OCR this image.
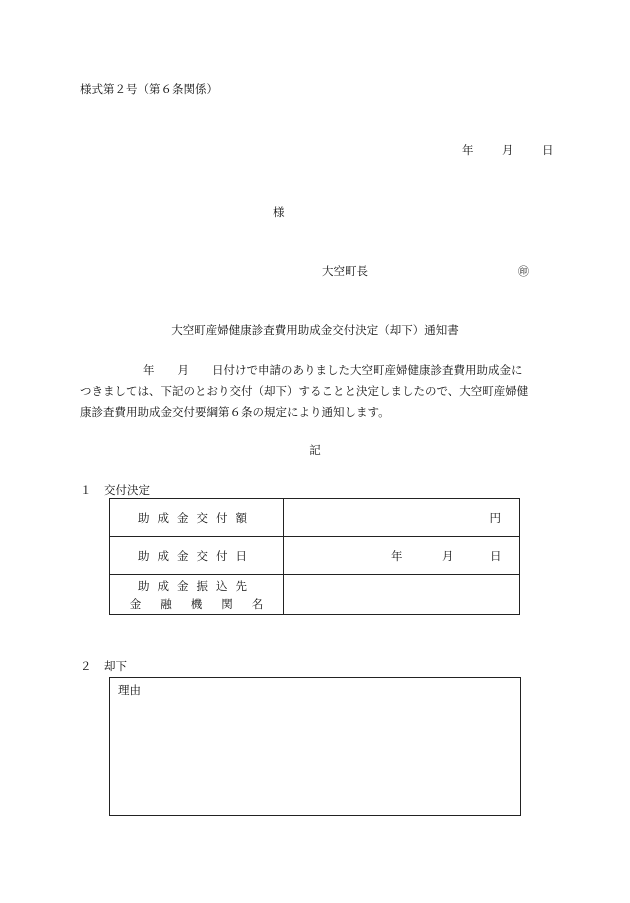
様式第２号（第６条関係）
年 月 日
様
大空町長	㊞
大空町産婦健康診査費用助成金交付決定（却下）通知書

年　　月　　日付けで申請のありました大空町産婦健康診査費用助成金に

つきましては、下記のとおり交付（却下）することと決定しましたので、大空町産婦健

康診査費用助成金交付要綱第６条の規定により通知します。

記
１ 交付決定
助成金交付額	円

助成金交付日	年 月 日

助成金振込先
金融機関名	

２ 却下
理由
